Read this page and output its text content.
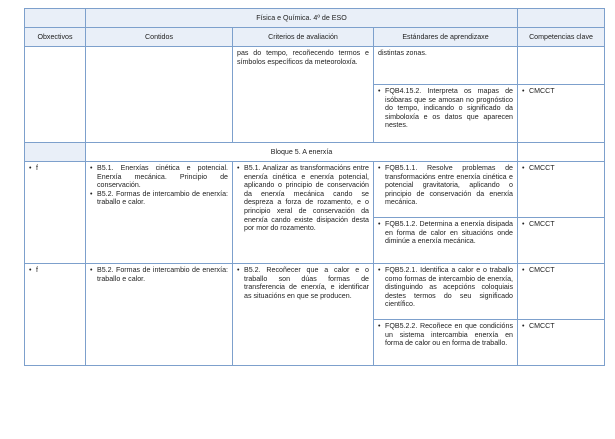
	Física e Química. 4º de ESO			
Obxectivos	Contidos	Criterios de avaliación	Estándares de aprendizaxe	Competencias clave
		pas do tempo, recoñecendo termos e símbolos específicos da meteoroloxía.	distintas zonas.	

			• FQB4.15.2. Interpreta os mapas de isóbaras que se amosan no prognóstico do tempo, indicando o significado da simboloxía e os datos que aparecen nestes.	• CMCCT

	Bloque 5. A enerxía			

• f	• B5.1. Enerxías cinética e potencial. Enerxía mecánica. Principio de conservación.
• B5.2. Formas de intercambio de enerxía: traballo e calor.	• B5.1. Analizar as transformacións entre enerxía cinética e enerxía potencial, aplicando o principio de conservación da enerxía mecánica cando se despreza a forza de rozamento, e o principio xeral de conservación da enerxía cando existe disipación desta por mor do rozamento.	• FQB5.1.1. Resolve problemas de transformacións entre enerxía cinética e potencial gravitatoria, aplicando o principio de conservación da enerxía mecánica.	• CMCCT

			• FQB5.1.2. Determina a enerxía disipada en forma de calor en situacións onde diminúe a enerxía mecánica.	• CMCCT

• f	• B5.2. Formas de intercambio de enerxía: traballo e calor.	• B5.2. Recoñecer que a calor e o traballo son dúas formas de transferencia de enerxía, e identificar as situacións en que se producen.	• FQB5.2.1. Identifica a calor e o traballo como formas de intercambio de enerxía, distinguindo as acepcións coloquiais destes termos do seu significado científico.	• CMCCT

			• FQB5.2.2. Recoñece en que condicións un sistema intercambia enerxía en forma de calor ou en forma de traballo.	• CMCCT
